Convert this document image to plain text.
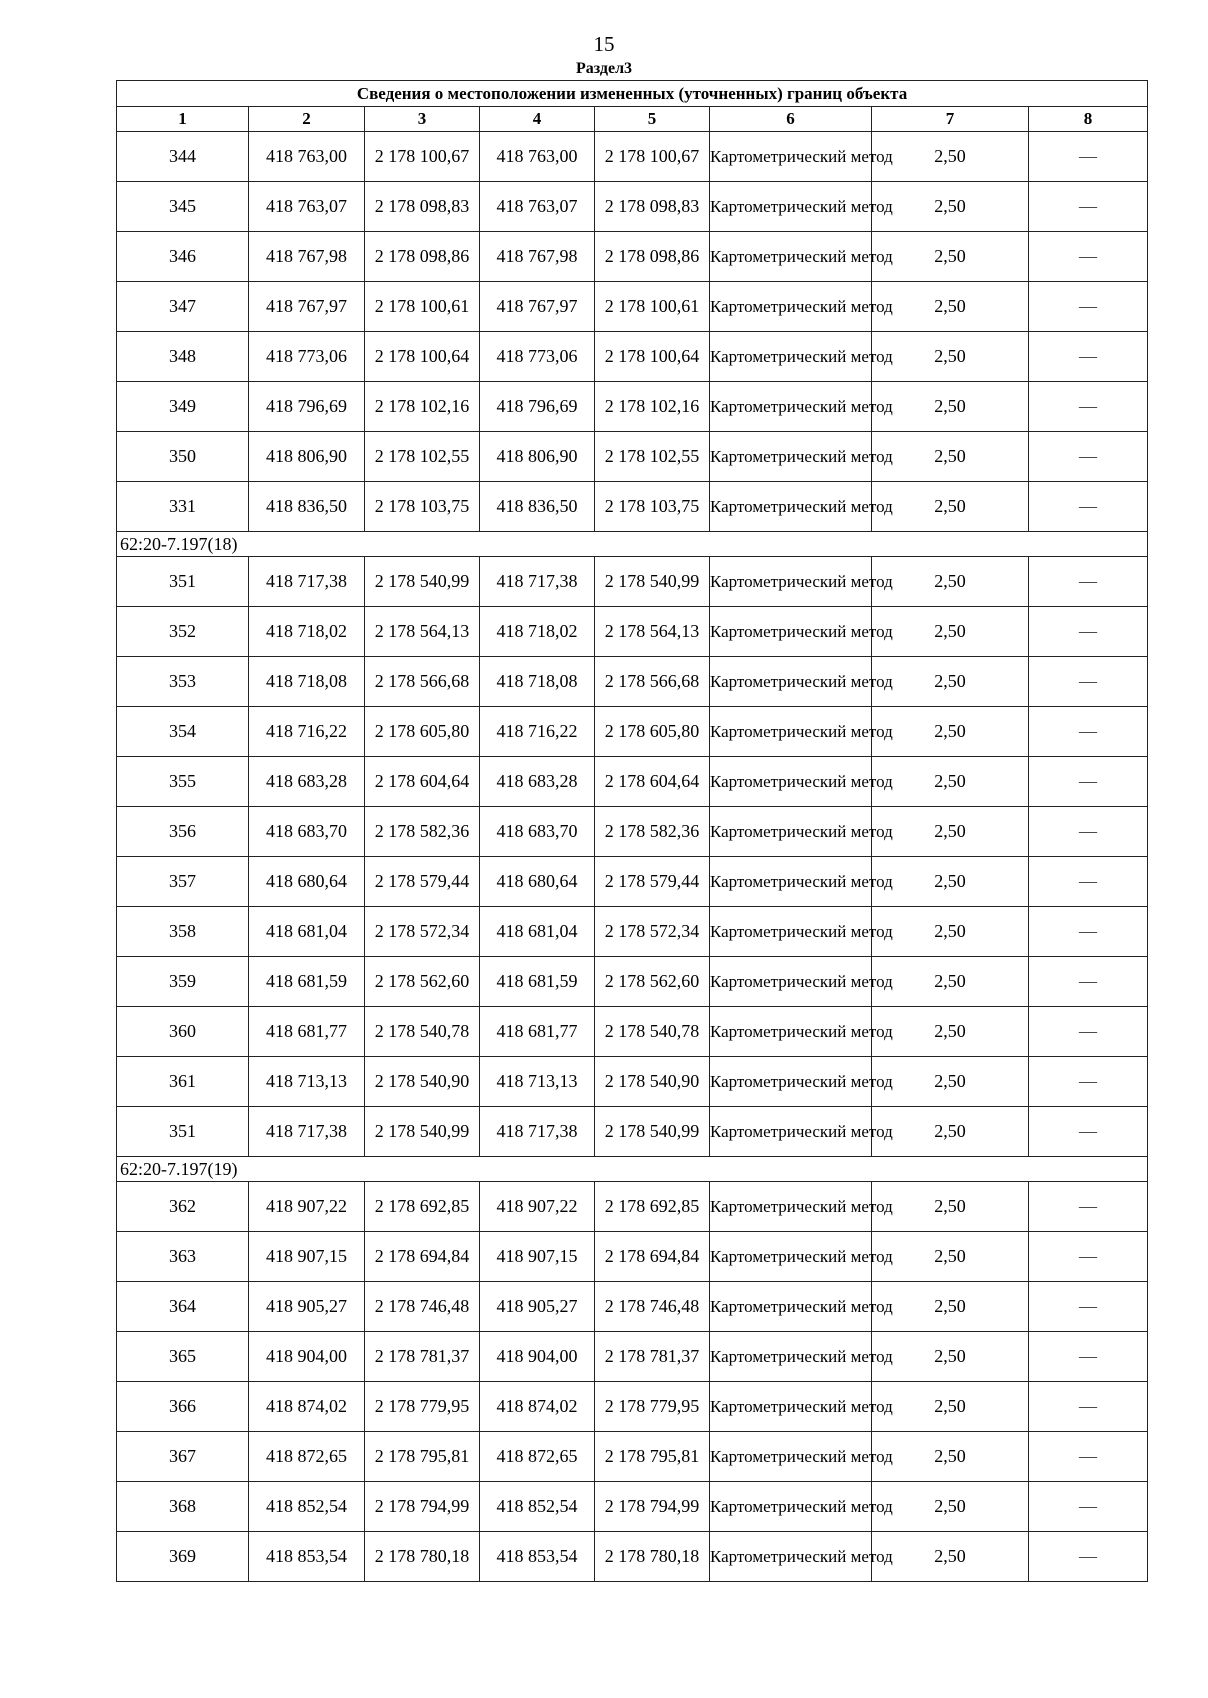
15
Раздел3
Сведения о местоположении измененных (уточненных) границ объекта							
1	2	3	4	5	6	7	8
344	418 763,00	2 178 100,67	418 763,00	2 178 100,67	Картометрический метод	2,50	—
345	418 763,07	2 178 098,83	418 763,07	2 178 098,83	Картометрический метод	2,50	—
346	418 767,98	2 178 098,86	418 767,98	2 178 098,86	Картометрический метод	2,50	—
347	418 767,97	2 178 100,61	418 767,97	2 178 100,61	Картометрический метод	2,50	—
348	418 773,06	2 178 100,64	418 773,06	2 178 100,64	Картометрический метод	2,50	—
349	418 796,69	2 178 102,16	418 796,69	2 178 102,16	Картометрический метод	2,50	—
350	418 806,90	2 178 102,55	418 806,90	2 178 102,55	Картометрический метод	2,50	—
331	418 836,50	2 178 103,75	418 836,50	2 178 103,75	Картометрический метод	2,50	—
62:20-7.197(18)							
351	418 717,38	2 178 540,99	418 717,38	2 178 540,99	Картометрический метод	2,50	—
352	418 718,02	2 178 564,13	418 718,02	2 178 564,13	Картометрический метод	2,50	—
353	418 718,08	2 178 566,68	418 718,08	2 178 566,68	Картометрический метод	2,50	—
354	418 716,22	2 178 605,80	418 716,22	2 178 605,80	Картометрический метод	2,50	—
355	418 683,28	2 178 604,64	418 683,28	2 178 604,64	Картометрический метод	2,50	—
356	418 683,70	2 178 582,36	418 683,70	2 178 582,36	Картометрический метод	2,50	—
357	418 680,64	2 178 579,44	418 680,64	2 178 579,44	Картометрический метод	2,50	—
358	418 681,04	2 178 572,34	418 681,04	2 178 572,34	Картометрический метод	2,50	—
359	418 681,59	2 178 562,60	418 681,59	2 178 562,60	Картометрический метод	2,50	—
360	418 681,77	2 178 540,78	418 681,77	2 178 540,78	Картометрический метод	2,50	—
361	418 713,13	2 178 540,90	418 713,13	2 178 540,90	Картометрический метод	2,50	—
351	418 717,38	2 178 540,99	418 717,38	2 178 540,99	Картометрический метод	2,50	—
62:20-7.197(19)							
362	418 907,22	2 178 692,85	418 907,22	2 178 692,85	Картометрический метод	2,50	—
363	418 907,15	2 178 694,84	418 907,15	2 178 694,84	Картометрический метод	2,50	—
364	418 905,27	2 178 746,48	418 905,27	2 178 746,48	Картометрический метод	2,50	—
365	418 904,00	2 178 781,37	418 904,00	2 178 781,37	Картометрический метод	2,50	—
366	418 874,02	2 178 779,95	418 874,02	2 178 779,95	Картометрический метод	2,50	—
367	418 872,65	2 178 795,81	418 872,65	2 178 795,81	Картометрический метод	2,50	—
368	418 852,54	2 178 794,99	418 852,54	2 178 794,99	Картометрический метод	2,50	—
369	418 853,54	2 178 780,18	418 853,54	2 178 780,18	Картометрический метод	2,50	—
